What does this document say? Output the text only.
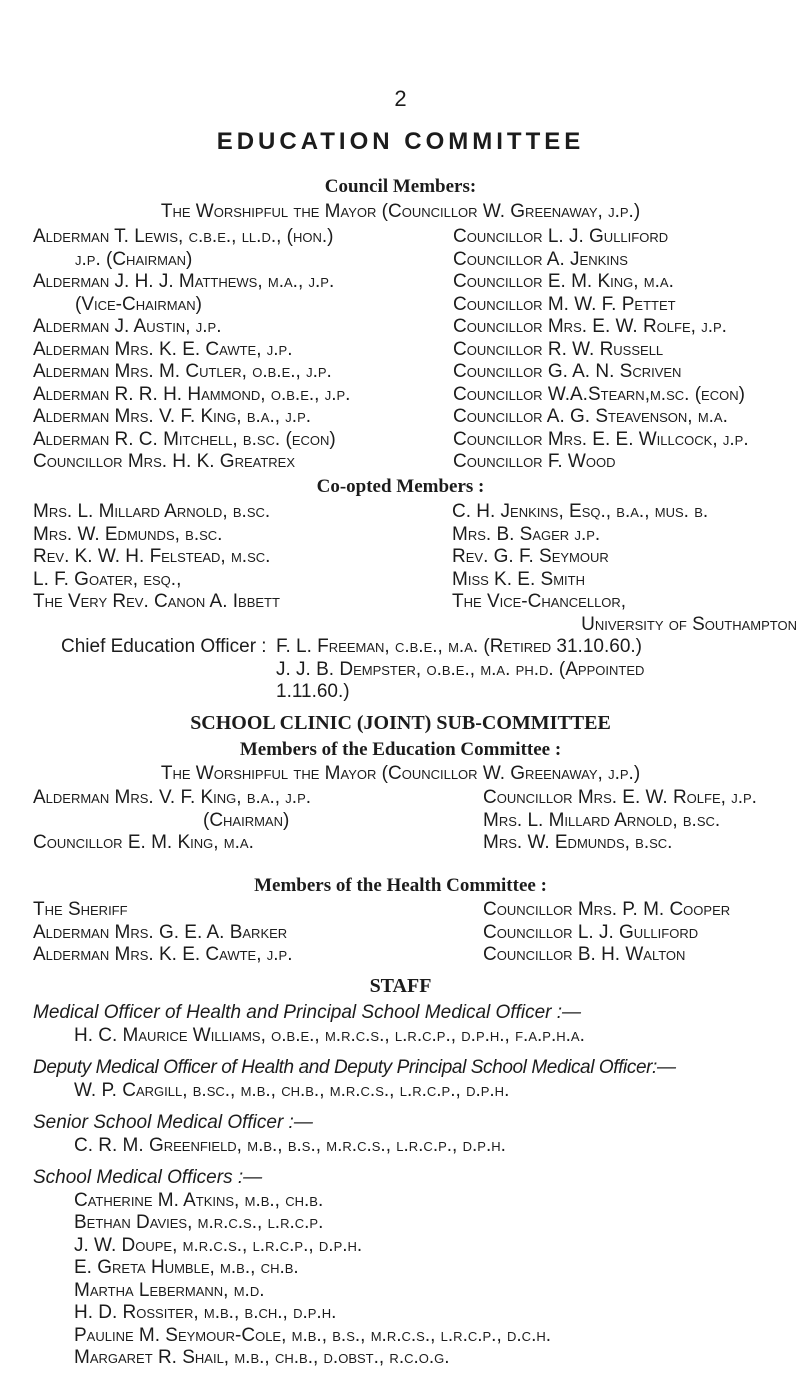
2
EDUCATION COMMITTEE
Council Members:
The Worshipful the Mayor (Councillor W. Greenaway, j.p.)
Alderman T. Lewis, c.b.e., ll.d., (hon.)
j.p. (Chairman)
Alderman J. H. J. Matthews, m.a., j.p.
(Vice-Chairman)
Alderman J. Austin, j.p.
Alderman Mrs. K. E. Cawte, j.p.
Alderman Mrs. M. Cutler, o.b.e., j.p.
Alderman R. R. H. Hammond, o.b.e., j.p.
Alderman Mrs. V. F. King, b.a., j.p.
Alderman R. C. Mitchell, b.sc. (econ)
Councillor Mrs. H. K. Greatrex
Councillor L. J. Gulliford
Councillor A. Jenkins
Councillor E. M. King, m.a.
Councillor M. W. F. Pettet
Councillor Mrs. E. W. Rolfe, j.p.
Councillor R. W. Russell
Councillor G. A. N. Scriven
Councillor W.A.Stearn,m.sc. (econ)
Councillor A. G. Steavenson, m.a.
Councillor Mrs. E. E. Willcock, j.p.
Councillor F. Wood
Co-opted Members :
Mrs. L. Millard Arnold, b.sc.
Mrs. W. Edmunds, b.sc.
Rev. K. W. H. Felstead, m.sc.
L. F. Goater, esq.,
The Very Rev. Canon A. Ibbett
C. H. Jenkins, Esq., b.a., mus. b.
Mrs. B. Sager j.p.
Rev. G. F. Seymour
Miss K. E. Smith
The Vice-Chancellor,
University of Southampton
Chief Education Officer : F. L. Freeman, c.b.e., m.a. (Retired 31.10.60.)
J. J. B. Dempster, o.b.e., m.a. ph.d. (Appointed
1.11.60.)
SCHOOL CLINIC (JOINT) SUB-COMMITTEE
Members of the Education Committee :
The Worshipful the Mayor (Councillor W. Greenaway, j.p.)
Alderman Mrs. V. F. King, b.a., j.p.
(Chairman)
Councillor E. M. King, m.a.
Councillor Mrs. E. W. Rolfe, j.p.
Mrs. L. Millard Arnold, b.sc.
Mrs. W. Edmunds, b.sc.
Members of the Health Committee :
The Sheriff
Alderman Mrs. G. E. A. Barker
Alderman Mrs. K. E. Cawte, j.p.
Councillor Mrs. P. M. Cooper
Councillor L. J. Gulliford
Councillor B. H. Walton
STAFF
Medical Officer of Health and Principal School Medical Officer :—
H. C. Maurice Williams, o.b.e., m.r.c.s., l.r.c.p., d.p.h., f.a.p.h.a.
Deputy Medical Officer of Health and Deputy Principal School Medical Officer:—
W. P. Cargill, b.sc., m.b., ch.b., m.r.c.s., l.r.c.p., d.p.h.
Senior School Medical Officer :—
C. R. M. Greenfield, m.b., b.s., m.r.c.s., l.r.c.p., d.p.h.
School Medical Officers :—
Catherine M. Atkins, m.b., ch.b.
Bethan Davies, m.r.c.s., l.r.c.p.
J. W. Doupe, m.r.c.s., l.r.c.p., d.p.h.
E. Greta Humble, m.b., ch.b.
Martha Lebermann, m.d.
H. D. Rossiter, m.b., b.ch., d.p.h.
Pauline M. Seymour-Cole, m.b., b.s., m.r.c.s., l.r.c.p., d.c.h.
Margaret R. Shail, m.b., ch.b., d.obst., r.c.o.g.
